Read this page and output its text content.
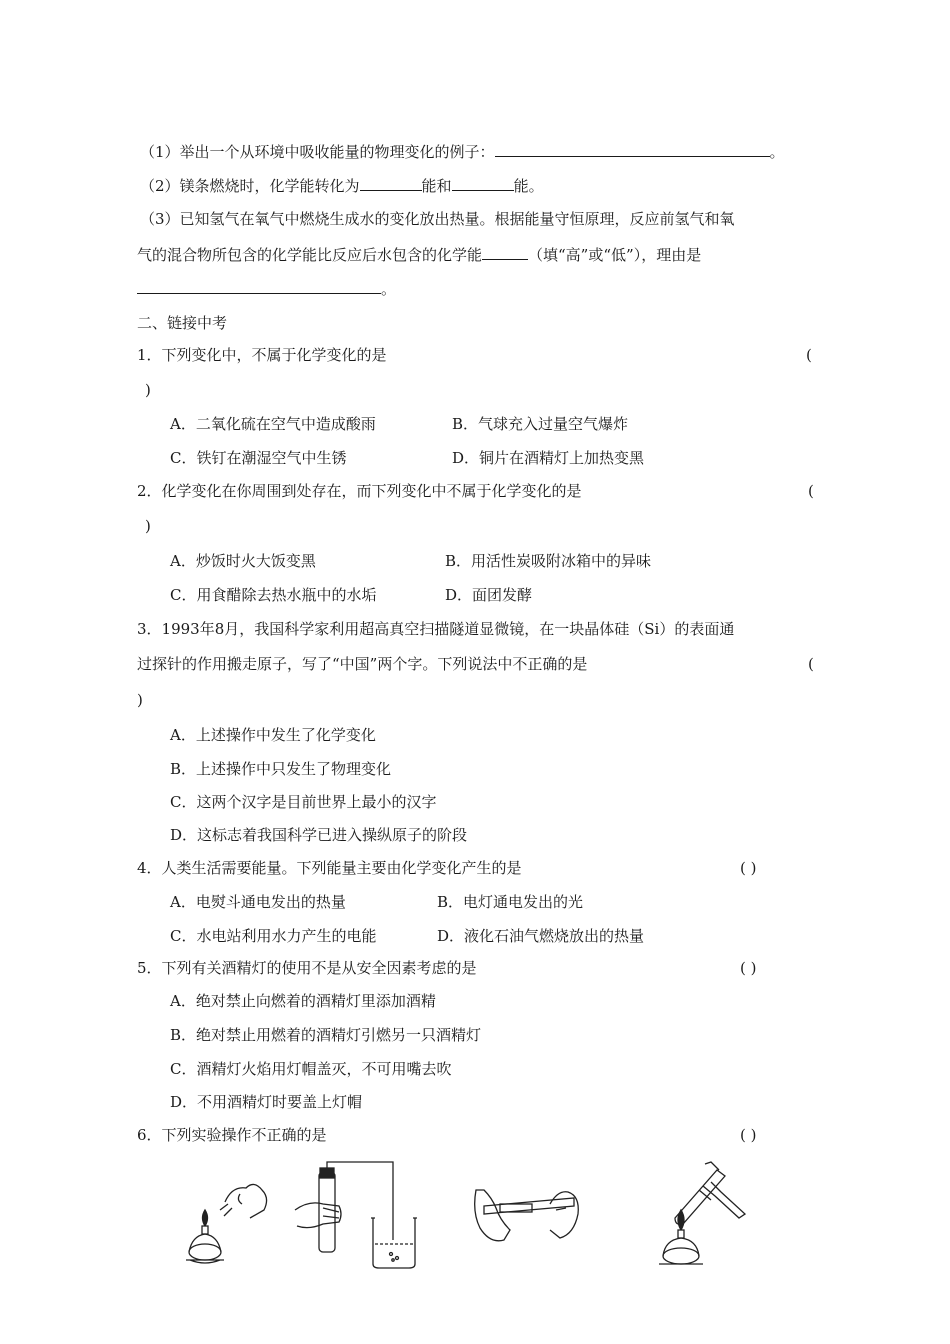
（1）举出一个从环境中吸收能量的物理变化的例子：	。
（2）镁条燃烧时，化学能转化为	能和	能。
（3）已知氢气在氧气中燃烧生成水的变化放出热量。根据能量守恒原理，反应前氢气和氧
气的混合物所包含的化学能比反应后水包含的化学能	（填“高”或“低”），理由是
。
二、链接中考
1．下列变化中，不属于化学变化的是	(
)
A．二氧化硫在空气中造成酸雨	B．气球充入过量空气爆炸
C．铁钉在潮湿空气中生锈	D．铜片在酒精灯上加热变黑
2．化学变化在你周围到处存在，而下列变化中不属于化学变化的是	(
)
A．炒饭时火大饭变黑	B．用活性炭吸附冰箱中的异味
C．用食醋除去热水瓶中的水垢	D．面团发酵
3．1993年8月，我国科学家利用超高真空扫描隧道显微镜，在一块晶体硅（Si）的表面通
过探针的作用搬走原子，写了“中国”两个字。下列说法中不正确的是	(
)
A．上述操作中发生了化学变化
B．上述操作中只发生了物理变化
C．这两个汉字是目前世界上最小的汉字
D．这标志着我国科学已进入操纵原子的阶段
4．人类生活需要能量。下列能量主要由化学变化产生的是	( )
A．电熨斗通电发出的热量	B．电灯通电发出的光
C．水电站利用水力产生的电能	D．液化石油气燃烧放出的热量
5．下列有关酒精灯的使用不是从安全因素考虑的是	( )
A．绝对禁止向燃着的酒精灯里添加酒精
B．绝对禁止用燃着的酒精灯引燃另一只酒精灯
C．酒精灯火焰用灯帽盖灭，不可用嘴去吹
D．不用酒精灯时要盖上灯帽
6．下列实验操作不正确的是	( )
